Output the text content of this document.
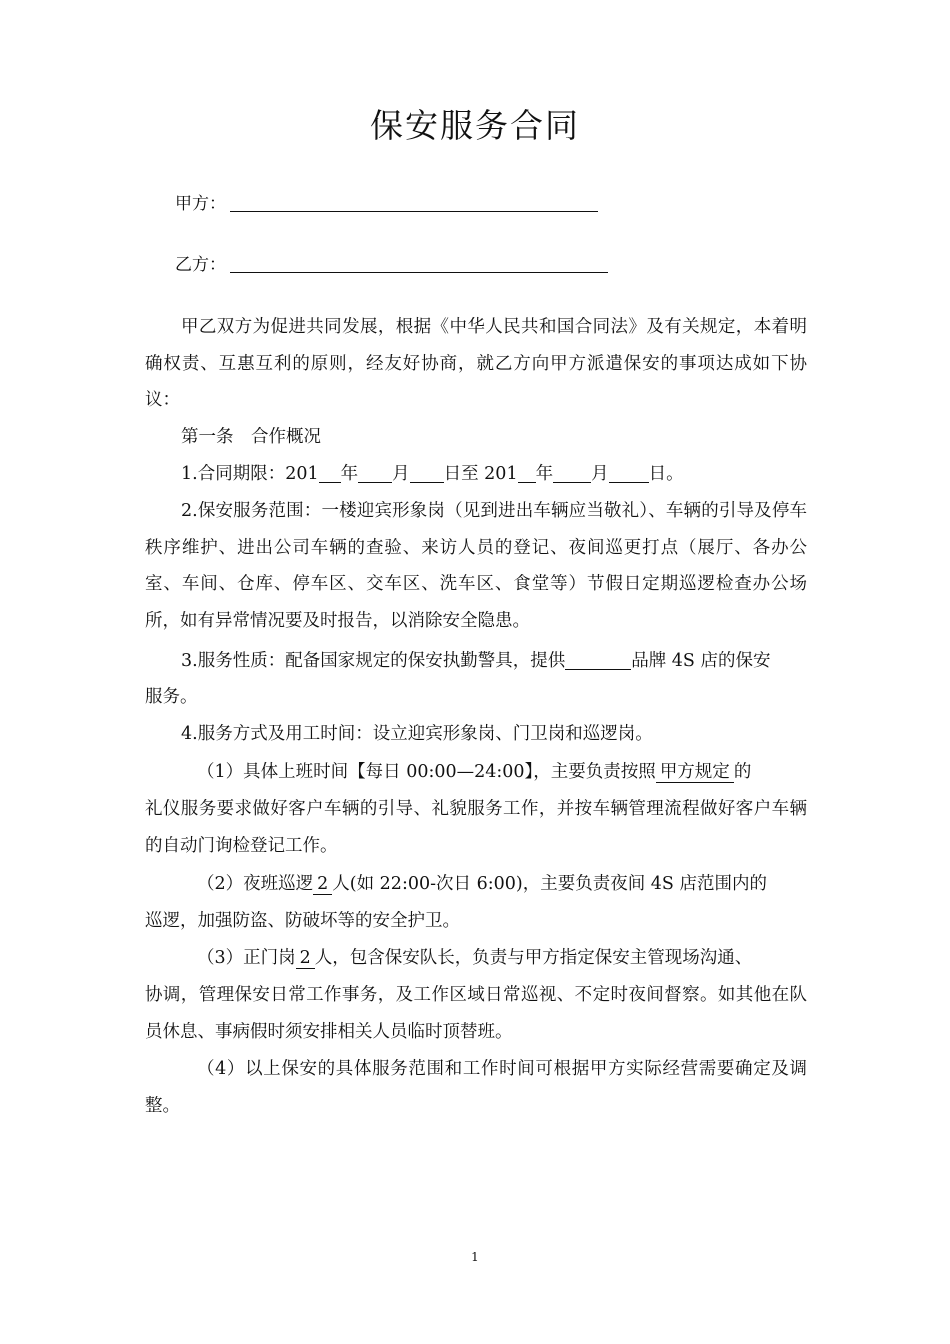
保安服务合同
甲方：
乙方：
甲乙双方为促进共同发展，根据《中华人民共和国合同法》及有关规定，本着明确权责、互惠互利的原则，经友好协商，就乙方向甲方派遣保安的事项达成如下协议：
第一条　合作概况
1.合同期限：201 年 月 日至 201 年 月 日。
2.保安服务范围：一楼迎宾形象岗（见到进出车辆应当敬礼）、车辆的引导及停车秩序维护、进出公司车辆的查验、来访人员的登记、夜间巡更打点（展厅、各办公室、车间、仓库、停车区、交车区、洗车区、食堂等）节假日定期巡逻检查办公场所，如有异常情况要及时报告，以消除安全隐患。
3.服务性质：配备国家规定的保安执勤警具，提供	品牌 4S 店的保安
服务。
4.服务方式及用工时间：设立迎宾形象岗、门卫岗和巡逻岗。
（1）具体上班时间【每日 00:00—24:00】，主要负责按照 甲方规定 的
礼仪服务要求做好客户车辆的引导、礼貌服务工作，并按车辆管理流程做好客户车辆的自动门询检登记工作。
（2）夜班巡逻 2 人(如 22:00-次日 6:00)，主要负责夜间 4S 店范围内的
巡逻，加强防盗、防破坏等的安全护卫。
（3）正门岗 2 人，包含保安队长，负责与甲方指定保安主管现场沟通、
协调，管理保安日常工作事务，及工作区域日常巡视、不定时夜间督察。如其他在队员休息、事病假时须安排相关人员临时顶替班。
（4）以上保安的具体服务范围和工作时间可根据甲方实际经营需要确定及调整。
1
